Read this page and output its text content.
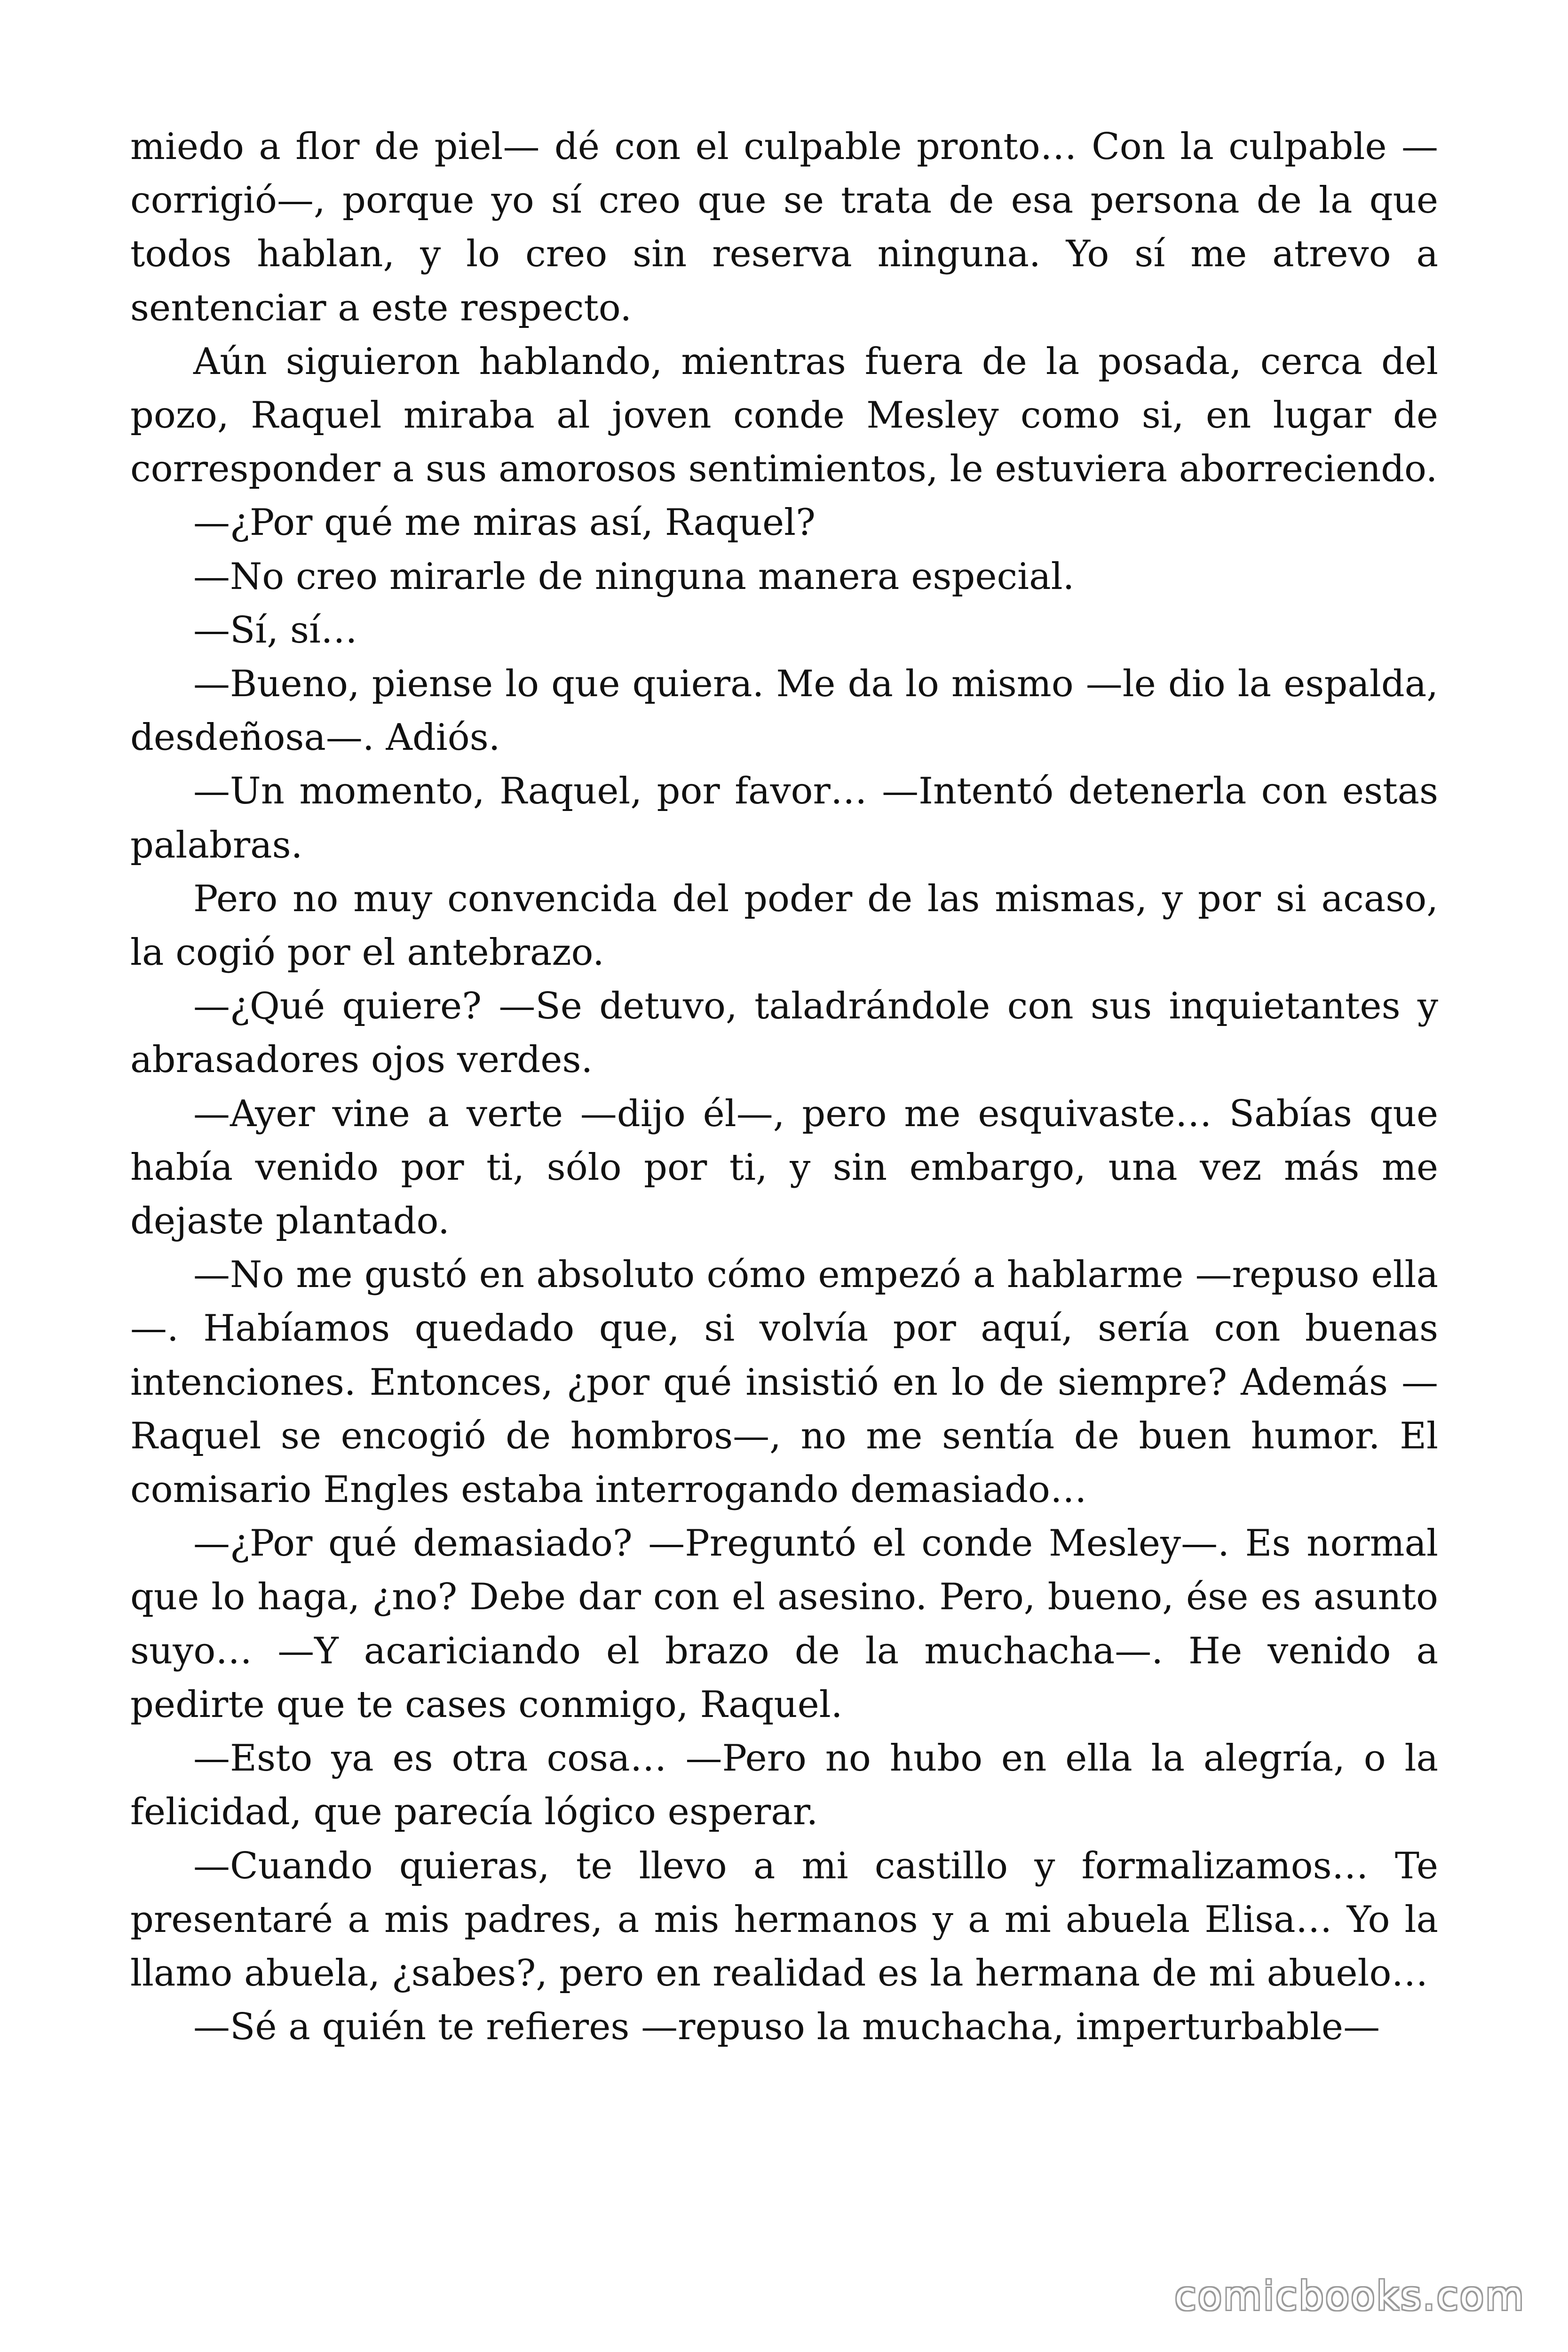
miedo a flor de piel— dé con el culpable pronto… Con la culpable —corrigió—, porque yo sí creo que se trata de esa persona de la que todos hablan, y lo creo sin reserva ninguna. Yo sí me atrevo a sentenciar a este respecto.

Aún siguieron hablando, mientras fuera de la posada, cerca del pozo, Raquel miraba al joven conde Mesley como si, en lugar de corresponder a sus amorosos sentimientos, le estuviera aborreciendo.

—¿Por qué me miras así, Raquel?

—No creo mirarle de ninguna manera especial.

—Sí, sí…

—Bueno, piense lo que quiera. Me da lo mismo —le dio la espalda, desdeñosa—. Adiós.

—Un momento, Raquel, por favor… —Intentó detenerla con estas palabras.

Pero no muy convencida del poder de las mismas, y por si acaso, la cogió por el antebrazo.

—¿Qué quiere? —Se detuvo, taladrándole con sus inquietantes y abrasadores ojos verdes.

—Ayer vine a verte —dijo él—, pero me esquivaste… Sabías que había venido por ti, sólo por ti, y sin embargo, una vez más me dejaste plantado.

—No me gustó en absoluto cómo empezó a hablarme —repuso ella—. Habíamos quedado que, si volvía por aquí, sería con buenas intenciones. Entonces, ¿por qué insistió en lo de siempre? Además —Raquel se encogió de hombros—, no me sentía de buen humor. El comisario Engles estaba interrogando demasiado…

—¿Por qué demasiado? —Preguntó el conde Mesley—. Es normal que lo haga, ¿no? Debe dar con el asesino. Pero, bueno, ése es asunto suyo… —Y acariciando el brazo de la muchacha—. He venido a pedirte que te cases conmigo, Raquel.

—Esto ya es otra cosa… —Pero no hubo en ella la alegría, o la felicidad, que parecía lógico esperar.

—Cuando quieras, te llevo a mi castillo y formalizamos… Te presentaré a mis padres, a mis hermanos y a mi abuela Elisa… Yo la llamo abuela, ¿sabes?, pero en realidad es la hermana de mi abuelo…

—Sé a quién te refieres —repuso la muchacha, imperturbable—

comicbooks.com
